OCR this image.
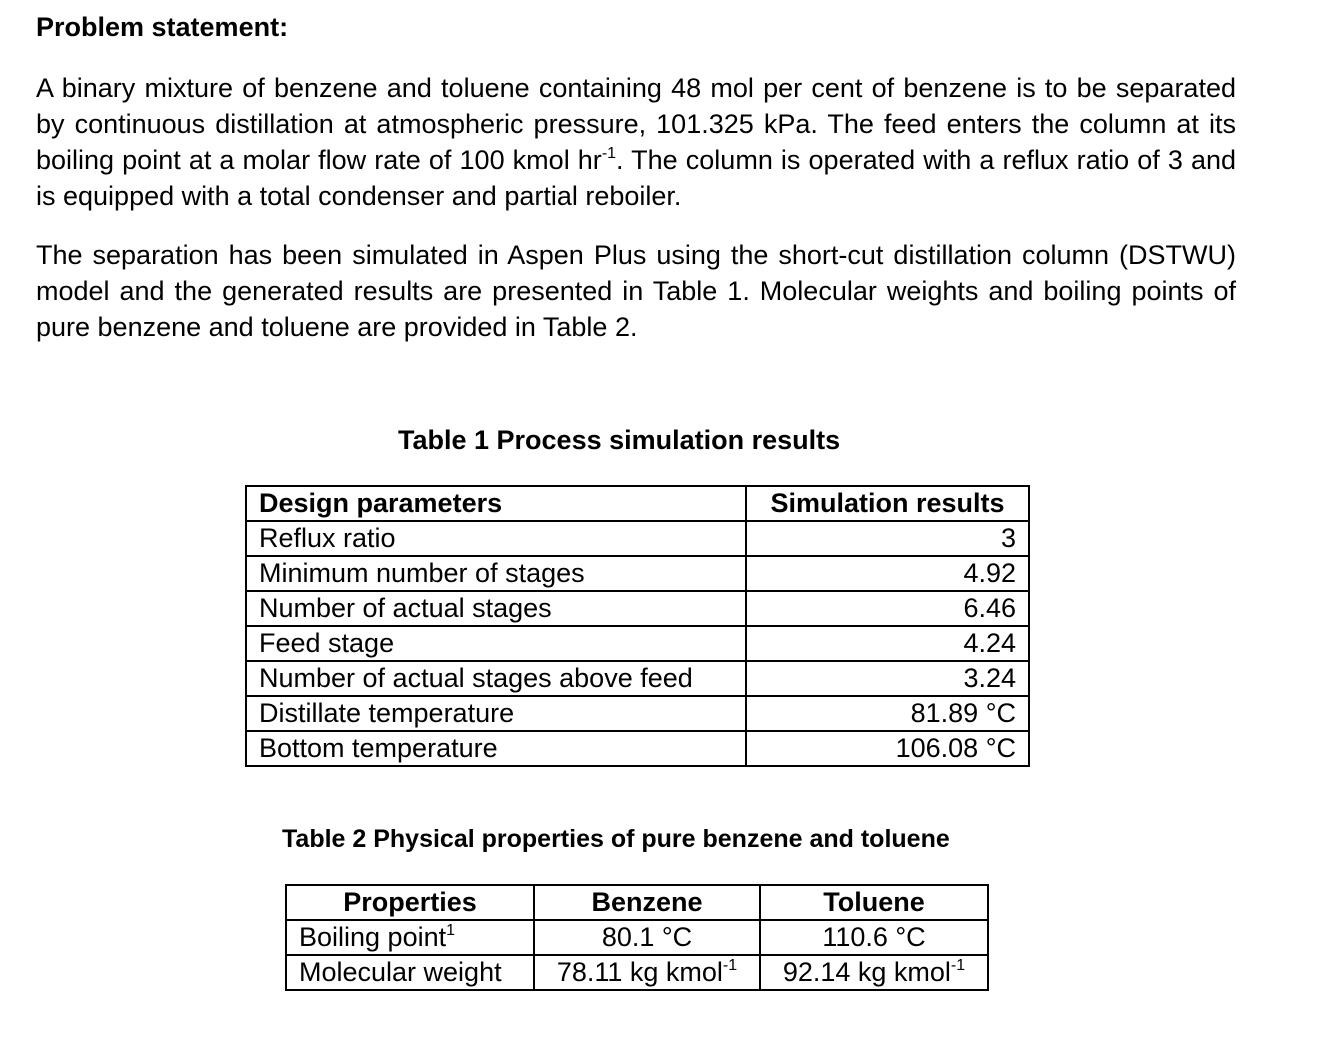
Problem statement:

A binary mixture of benzene and toluene containing 48 mol per cent of benzene is to be separated by continuous distillation at atmospheric pressure, 101.325 kPa. The feed enters the column at its boiling point at a molar flow rate of 100 kmol $hr^{-1}$. The column is operated with a reflux ratio of 3 and is equipped with a total condenser and partial reboiler.

The separation has been simulated in Aspen Plus using the short-cut distillation column (DSTWU) model and the generated results are presented in Table 1. Molecular weights and boiling points of pure benzene and toluene are provided in Table 2.

Table 1 Process simulation results
Design parameters	Simulation results
Reflux ratio	3
Minimum number of stages	4.92
Number of actual stages	6.46
Feed stage	4.24
Number of actual stages above feed	3.24
Distillate temperature	81.89 °C
Bottom temperature	106.08 °C
Table 2 Physical properties of pure benzene and toluene
Properties	Benzene	Toluene
Boiling point$^1$	80.1 °C	110.6 °C
Molecular weight	78.11 kg kmol$^{-1}$	92.14 kg kmol$^{-1}$
